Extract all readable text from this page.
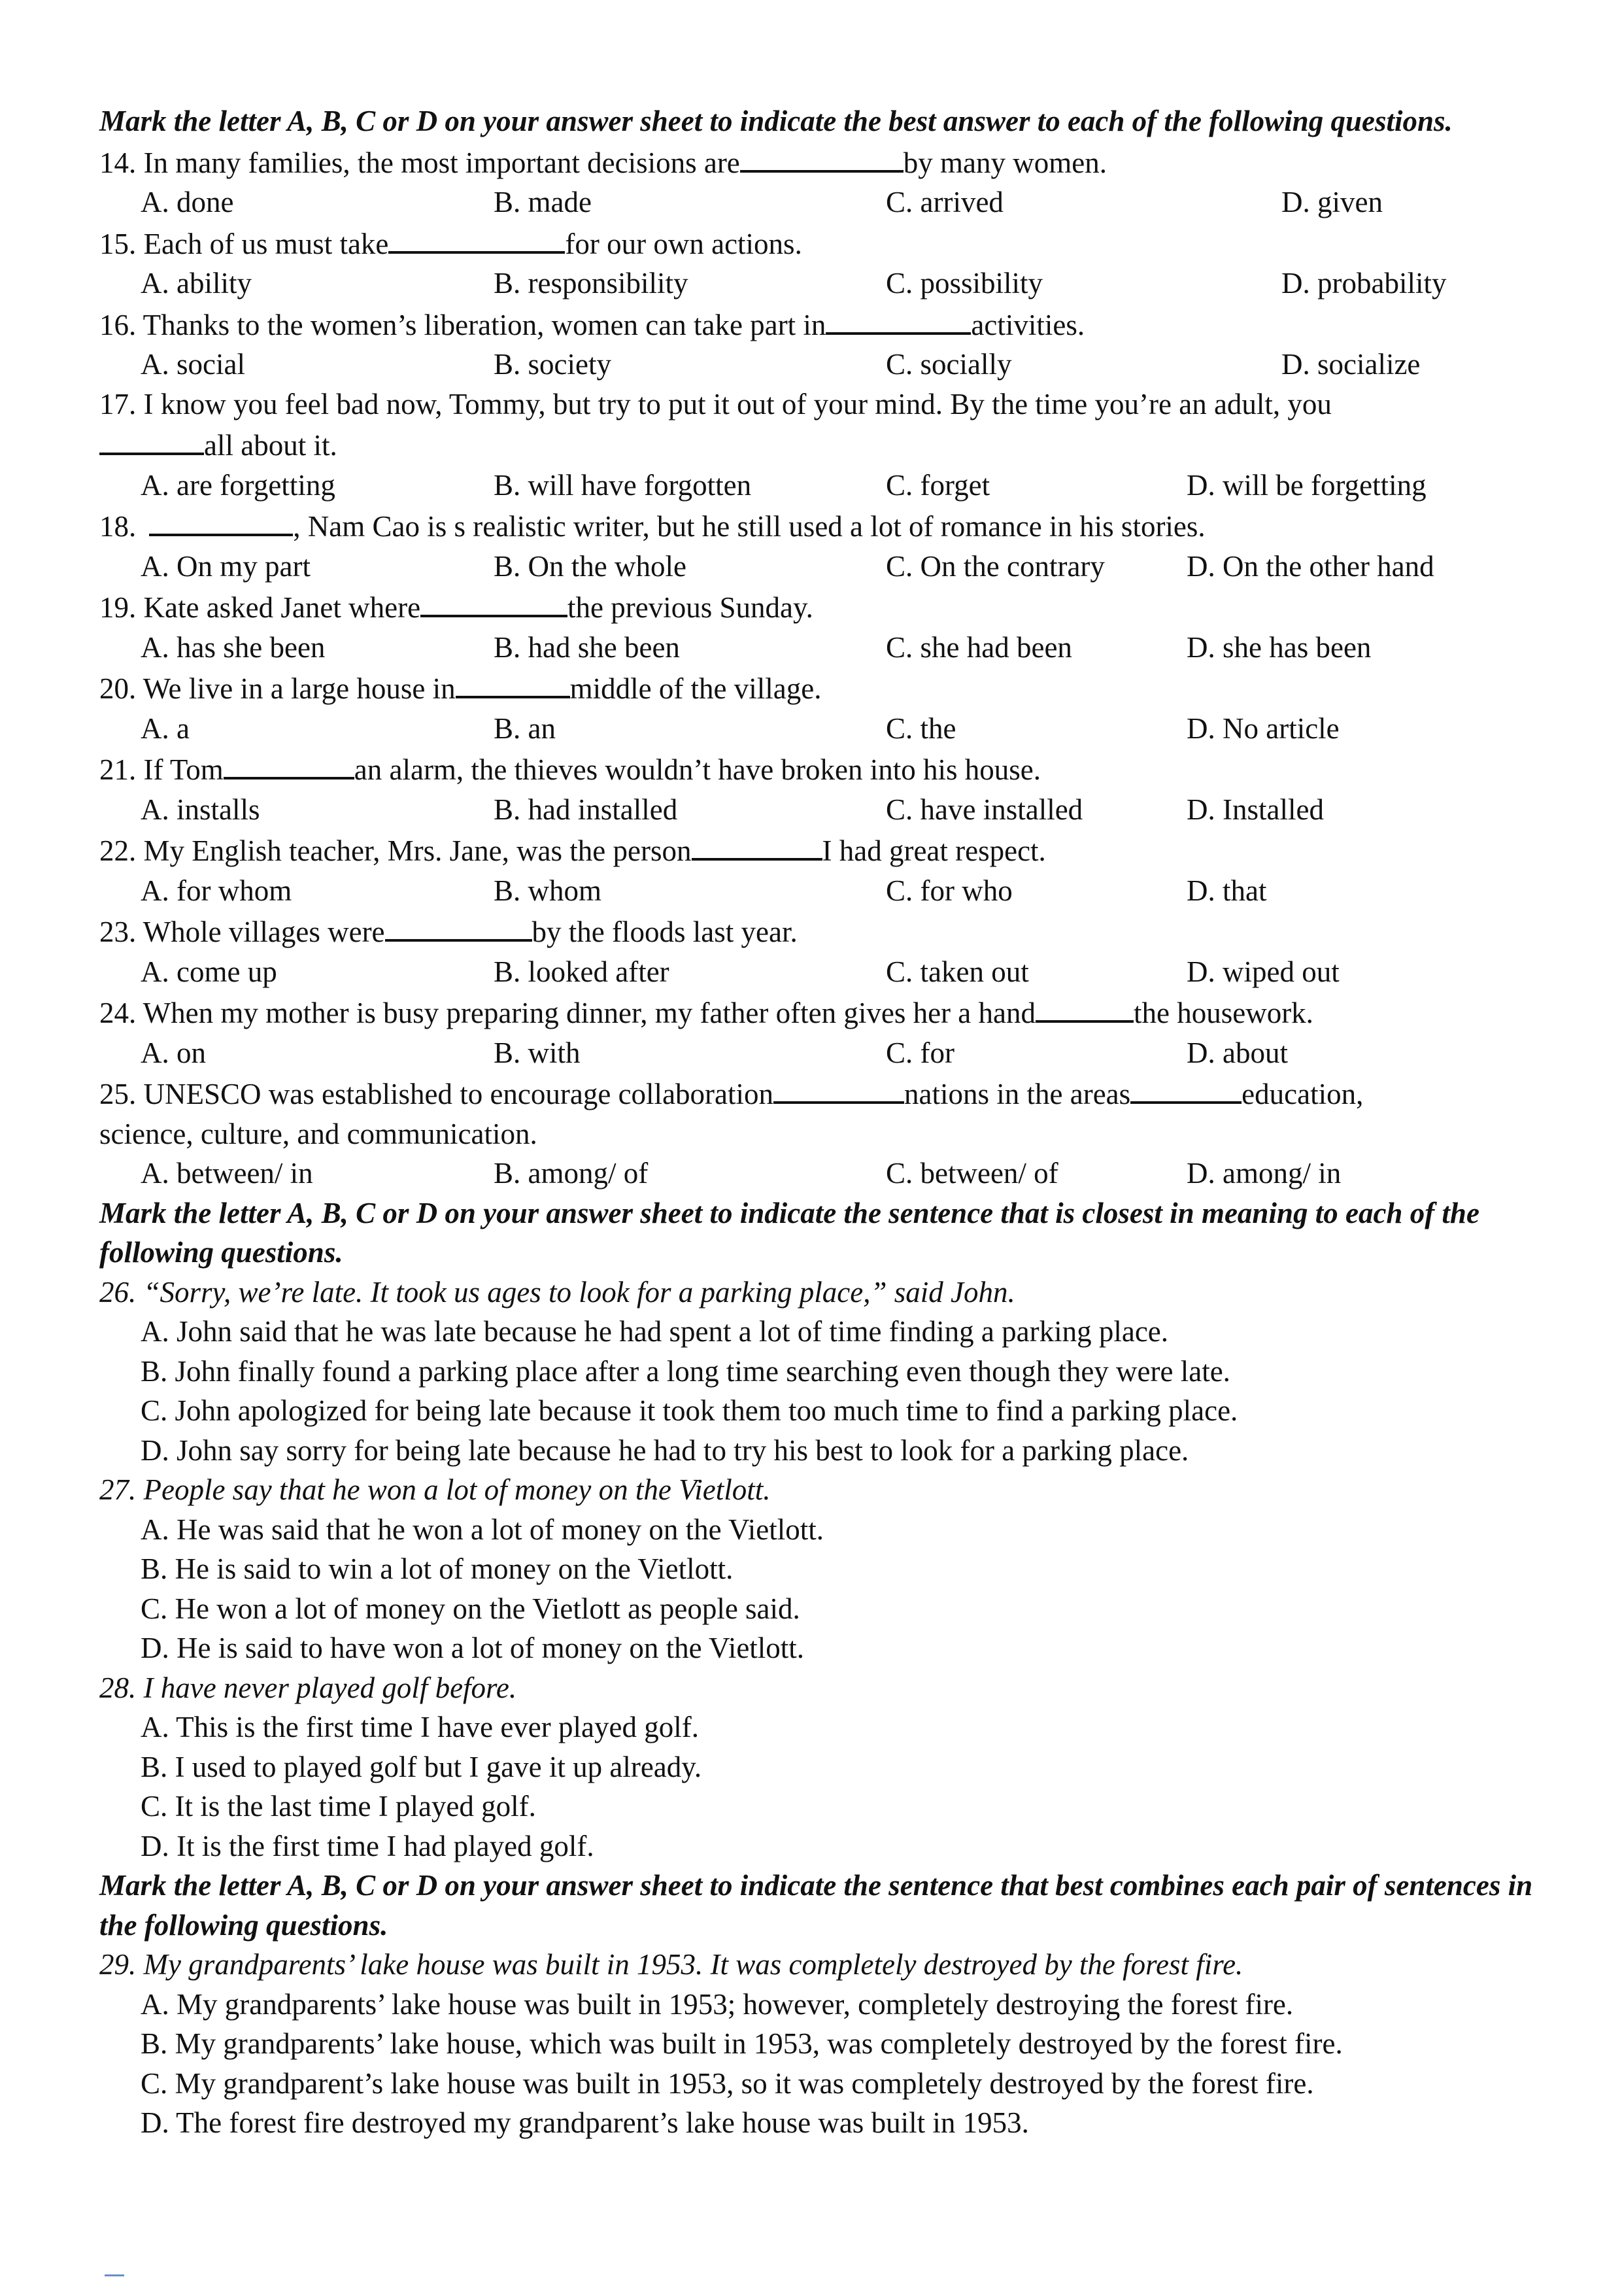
Mark the letter A, B, C or D on your answer sheet to indicate the best answer to each of the following questions.
14. In many families, the most important decisions are	by many women.
A. done	B. made	C. arrived	D. given
15. Each of us must take	for our own actions.
A. ability	B. responsibility	C. possibility	D. probability
16. Thanks to the women’s liberation, women can take part in	activities.
A. social	B. society	C. socially	D. socialize
17. I know you feel bad now, Tommy, but try to put it out of your mind. By the time you’re an adult, you
all about it.
A. are forgetting	B. will have forgotten	C. forget	D. will be forgetting
18.	, Nam Cao is s realistic writer, but he still used a lot of romance in his stories.
A. On my part	B. On the whole	C. On the contrary	D. On the other hand
19. Kate asked Janet where	the previous Sunday.
A. has she been	B. had she been	C. she had been	D. she has been
20. We live in a large house in	middle of the village.
A. a	B. an	C. the	D. No article
21. If Tom	an alarm, the thieves wouldn’t have broken into his house.
A. installs	B. had installed	C. have installed	D. Installed
22. My English teacher, Mrs. Jane, was the person	I had great respect.
A. for whom	B. whom	C. for who	D. that
23. Whole villages were	by the floods last year.
A. come up	B. looked after	C. taken out	D. wiped out
24. When my mother is busy preparing dinner, my father often gives her a hand	the housework.
A. on	B. with	C. for	D. about
25. UNESCO was established to encourage collaboration	nations in the areas	education,
science, culture, and communication.
A. between/ in	B. among/ of	C. between/ of	D. among/ in
Mark the letter A, B, C or D on your answer sheet to indicate the sentence that is closest in meaning to each of the following questions.
26. “Sorry, we’re late. It took us ages to look for a parking place,” said John.
A. John said that he was late because he had spent a lot of time finding a parking place.
B. John finally found a parking place after a long time searching even though they were late.
C. John apologized for being late because it took them too much time to find a parking place.
D. John say sorry for being late because he had to try his best to look for a parking place.
27. People say that he won a lot of money on the Vietlott.
A. He was said that he won a lot of money on the Vietlott.
B. He is said to win a lot of money on the Vietlott.
C. He won a lot of money on the Vietlott as people said.
D. He is said to have won a lot of money on the Vietlott.
28. I have never played golf before.
A. This is the first time I have ever played golf.
B. I used to played golf but I gave it up already.
C. It is the last time I played golf.
D. It is the first time I had played golf.
Mark the letter A, B, C or D on your answer sheet to indicate the sentence that best combines each pair of sentences in the following questions.
29. My grandparents’ lake house was built in 1953. It was completely destroyed by the forest fire.
A. My grandparents’ lake house was built in 1953; however, completely destroying the forest fire.
B. My grandparents’ lake house, which was built in 1953, was completely destroyed by the forest fire.
C. My grandparent’s lake house was built in 1953, so it was completely destroyed by the forest fire.
D. The forest fire destroyed my grandparent’s lake house was built in 1953.
